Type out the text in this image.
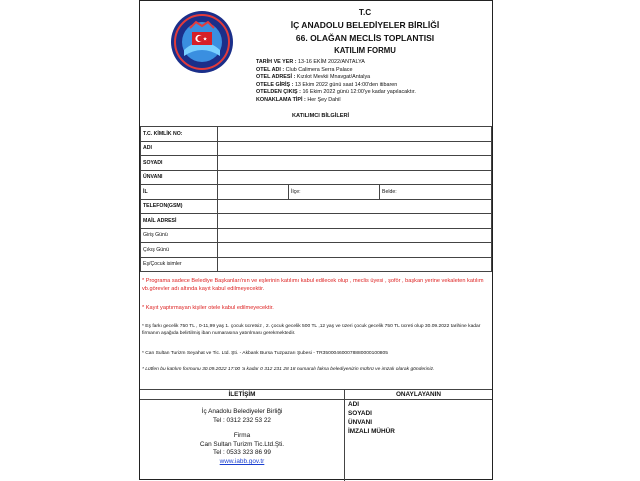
T.C
İÇ ANADOLU BELEDİYELER BİRLİĞİ
66. OLAĞAN MECLİS TOPLANTISI
KATILIM FORMU
TARİH VE YER : 13-16 EKİM 2022/ANTALYA
OTEL ADI : Club Calimera Serra Palace
OTEL ADRESİ : Kızılot Mevkii Mnavgat/Antalya
OTELE GİRİŞ : 13 Ekim 2022 günü saat 14:00'den itibaren
OTELDEN ÇIKIŞ : 16 Ekim 2022 günü 12:00'ye kadar yapılacaktır.
KONAKLAMA TİPİ : Her Şey Dahil
KATILIMCI BİLGİLERİ
T.C. KİMLİK NO:			
ADI			
SOYADI			
ÜNVANI			
İL		İlçe:	Belde:
TELEFON(GSM)			
MAİL ADRESİ			
Giriş Günü			
Çıkış Günü			
Eş/Çocuk isimler			
* Programa sadece Belediye Başkanları'nın ve eşlerinin katılımı kabul edilecek olup , meclis üyesi , şoför , başkan yerine vekaleten katılım vb.görevler adı altında kayıt kabul edilmeyecektir.
* Kayıt yaptırmayan kişiler otele kabul edilmeyecektir.
* Eş farkı gecelik 750 TL , 0-11,99 yaş 1. çocuk ücretsiz , 2. çocuk gecelik 500 TL ,12 yaş ve üzeri çocuk gecelik 750 TL ücreti olup 30.09.2022 tarihine kadar firmanın aşağıda belirtilmiş iban numarasına yatırılması gerekmektedir.
* Can Sultan Turizm Seyahat ve Tic. Ltd. Şti. - Akbank Bursa Tuzpazarı Şubesi - TR350004600078880000100805
* Lütfen bu katılım formunu 30.09.2022 17:00 'a kadar 0 312 231 28 18 numaralı faksa belediyenizin mührü ve imzalı olarak gönderiniz.
İLETİŞİM
İç Anadolu Belediyeler Birliği
Tel : 0312 232 53 22
Firma
Can Sultan Turizm Tic.Ltd.Şti.
Tel : 0533 323 86 99
www.iabb.gov.tr
ONAYLAYANIN
ADI
SOYADI
ÜNVANI
İMZALI MÜHÜR
